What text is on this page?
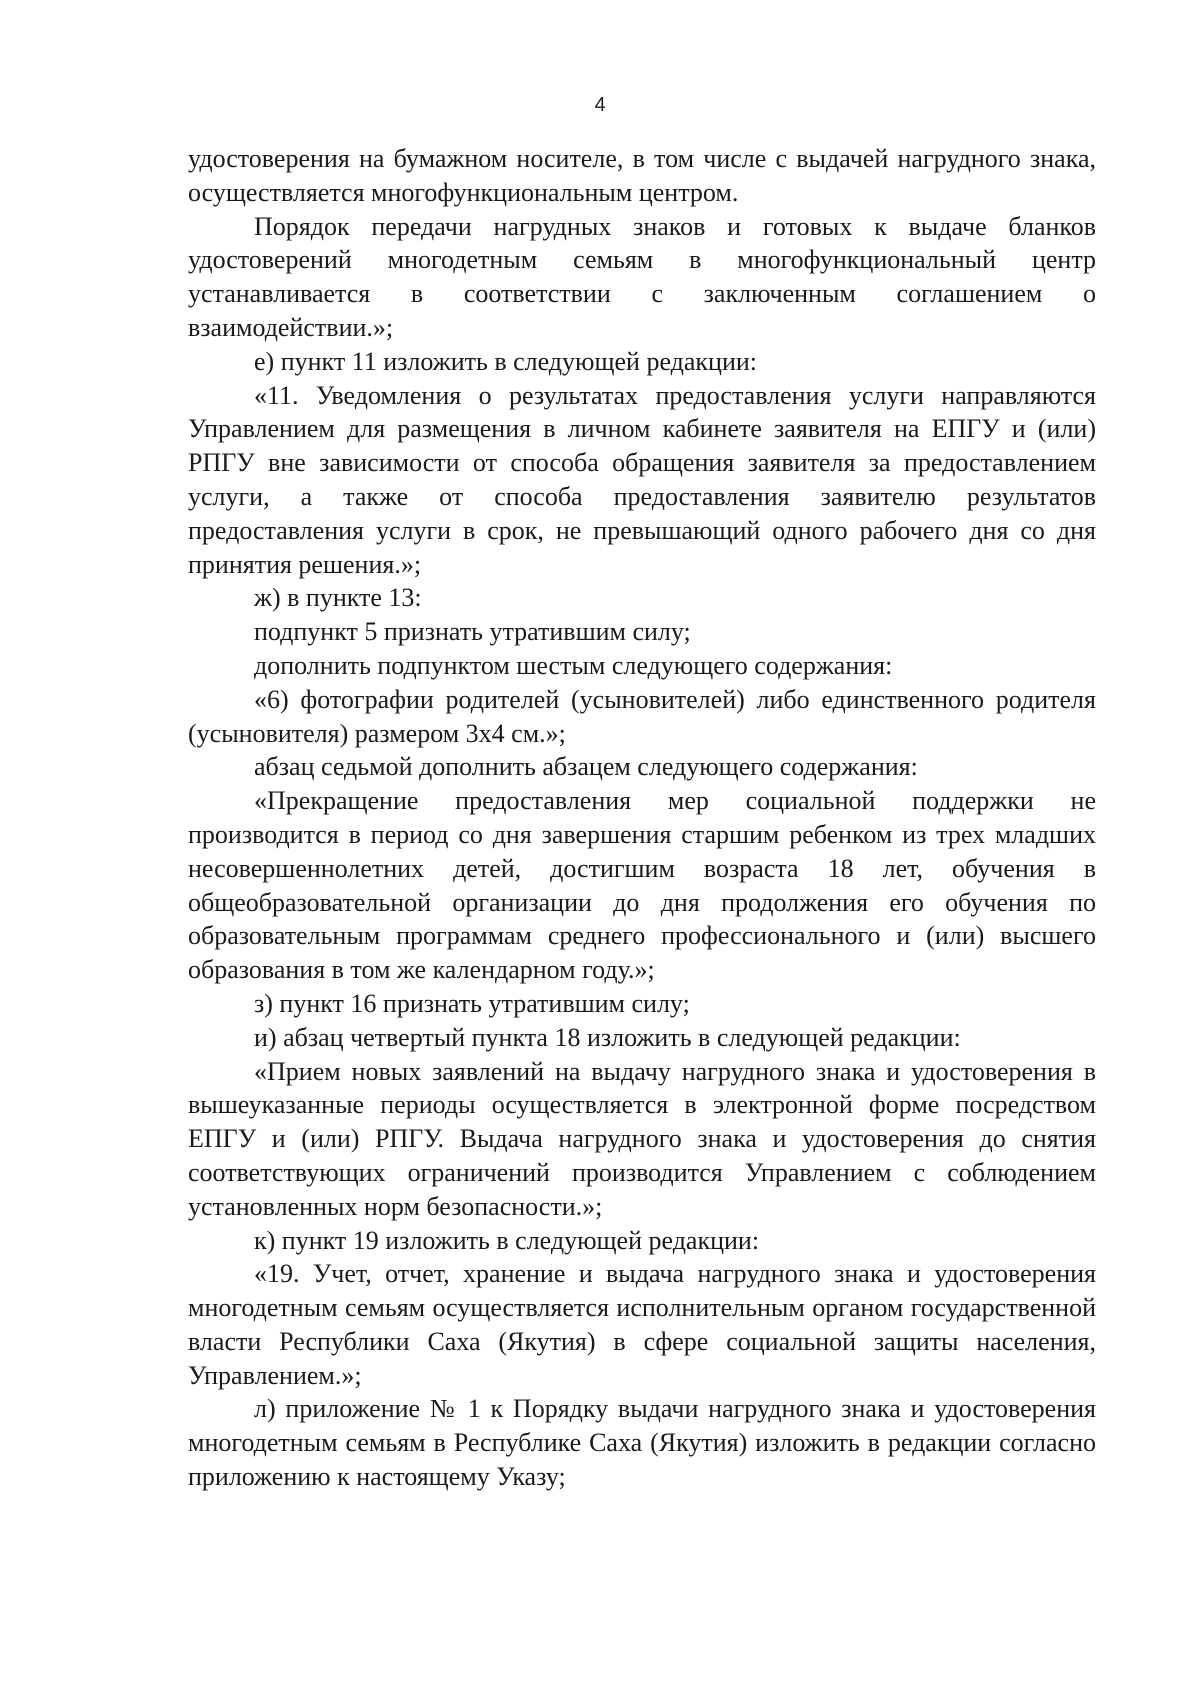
4

удостоверения на бумажном носителе, в том числе с выдачей нагрудного знака, осуществляется многофункциональным центром.

Порядок передачи нагрудных знаков и готовых к выдаче бланков удостоверений многодетным семьям в многофункциональный центр устанавливается в соответствии с заключенным соглашением о взаимодействии.»;

е) пункт 11 изложить в следующей редакции:

«11. Уведомления о результатах предоставления услуги направляются Управлением для размещения в личном кабинете заявителя на ЕПГУ и (или) РПГУ вне зависимости от способа обращения заявителя за предоставлением услуги, а также от способа предоставления заявителю результатов предоставления услуги в срок, не превышающий одного рабочего дня со дня принятия решения.»;

ж) в пункте 13:

подпункт 5 признать утратившим силу;

дополнить подпунктом шестым следующего содержания:

«6) фотографии родителей (усыновителей) либо единственного родителя (усыновителя) размером 3х4 см.»;

абзац седьмой дополнить абзацем следующего содержания:

«Прекращение предоставления мер социальной поддержки не производится в период со дня завершения старшим ребенком из трех младших несовершеннолетних детей, достигшим возраста 18 лет, обучения в общеобразовательной организации до дня продолжения его обучения по образовательным программам среднего профессионального и (или) высшего образования в том же календарном году.»;

з) пункт 16 признать утратившим силу;

и) абзац четвертый пункта 18 изложить в следующей редакции:

«Прием новых заявлений на выдачу нагрудного знака и удостоверения в вышеуказанные периоды осуществляется в электронной форме посредством ЕПГУ и (или) РПГУ. Выдача нагрудного знака и удостоверения до снятия соответствующих ограничений производится Управлением с соблюдением установленных норм безопасности.»;

к) пункт 19 изложить в следующей редакции:

«19. Учет, отчет, хранение и выдача нагрудного знака и удостоверения многодетным семьям осуществляется исполнительным органом государственной власти Республики Саха (Якутия) в сфере социальной защиты населения, Управлением.»;

л) приложение № 1 к Порядку выдачи нагрудного знака и удостоверения многодетным семьям в Республике Саха (Якутия) изложить в редакции согласно приложению к настоящему Указу;
